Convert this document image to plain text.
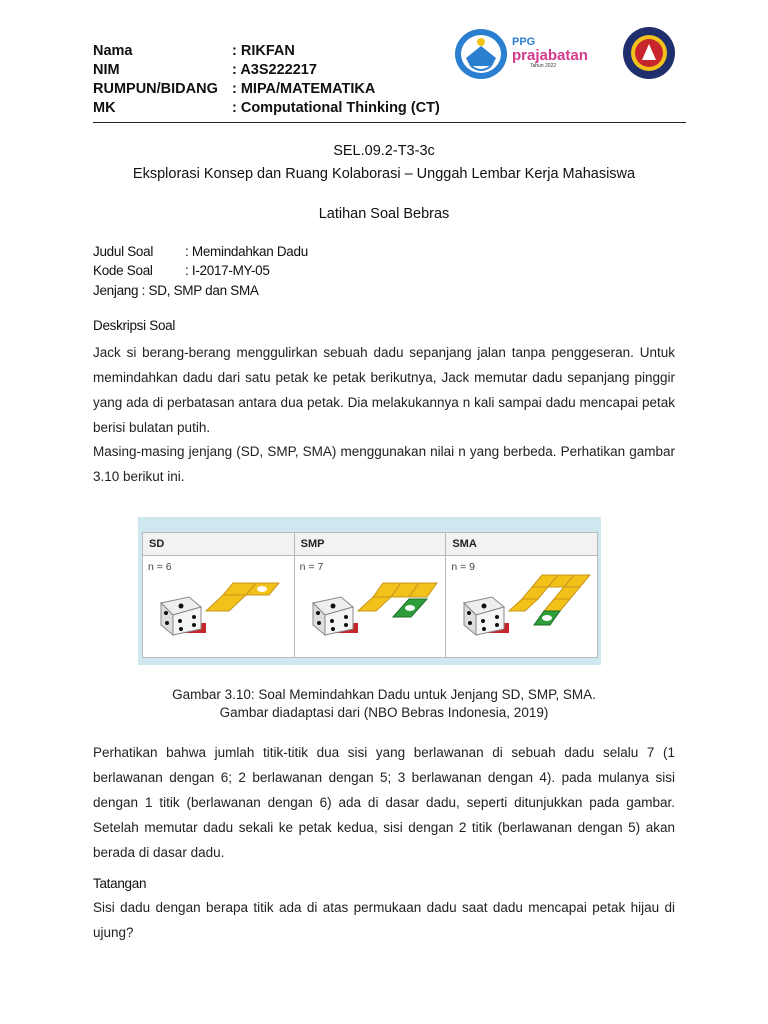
Nama	: RIKFAN
NIM	: A3S222217
RUMPUN/BIDANG : MIPA/MATEMATIKA
MK	: Computational Thinking (CT)
PPG
prajabatan
Tahun 2022
SEL.09.2-T3-3c
Eksplorasi Konsep dan Ruang Kolaborasi – Unggah Lembar Kerja Mahasiswa
Latihan Soal Bebras
Judul Soal : Memindahkan Dadu
Kode Soal : I-2017-MY-05
Jenjang : SD, SMP dan SMA
Deskripsi Soal
Jack si berang-berang menggulirkan sebuah dadu sepanjang jalan tanpa penggeseran. Untuk memindahkan dadu dari satu petak ke petak berikutnya, Jack memutar dadu sepanjang pinggir yang ada di perbatasan antara dua petak. Dia melakukannya n kali sampai dadu mencapai petak berisi bulatan putih.
Masing-masing jenjang (SD, SMP, SMA) menggunakan nilai n yang berbeda. Perhatikan gambar 3.10 berikut ini.
SD
n = 6
SMP
n = 7
SMA
n = 9
Gambar 3.10: Soal Memindahkan Dadu untuk Jenjang SD, SMP, SMA.
Gambar diadaptasi dari (NBO Bebras Indonesia, 2019)
Perhatikan bahwa jumlah titik-titik dua sisi yang berlawanan di sebuah dadu selalu 7 (1 berlawanan dengan 6; 2 berlawanan dengan 5; 3 berlawanan dengan 4). pada mulanya sisi dengan 1 titik (berlawanan dengan 6) ada di dasar dadu, seperti ditunjukkan pada gambar. Setelah memutar dadu sekali ke petak kedua, sisi dengan 2 titik (berlawanan dengan 5) akan berada di dasar dadu.
Tatangan
Sisi dadu dengan berapa titik ada di atas permukaan dadu saat dadu mencapai petak hijau di ujung?
